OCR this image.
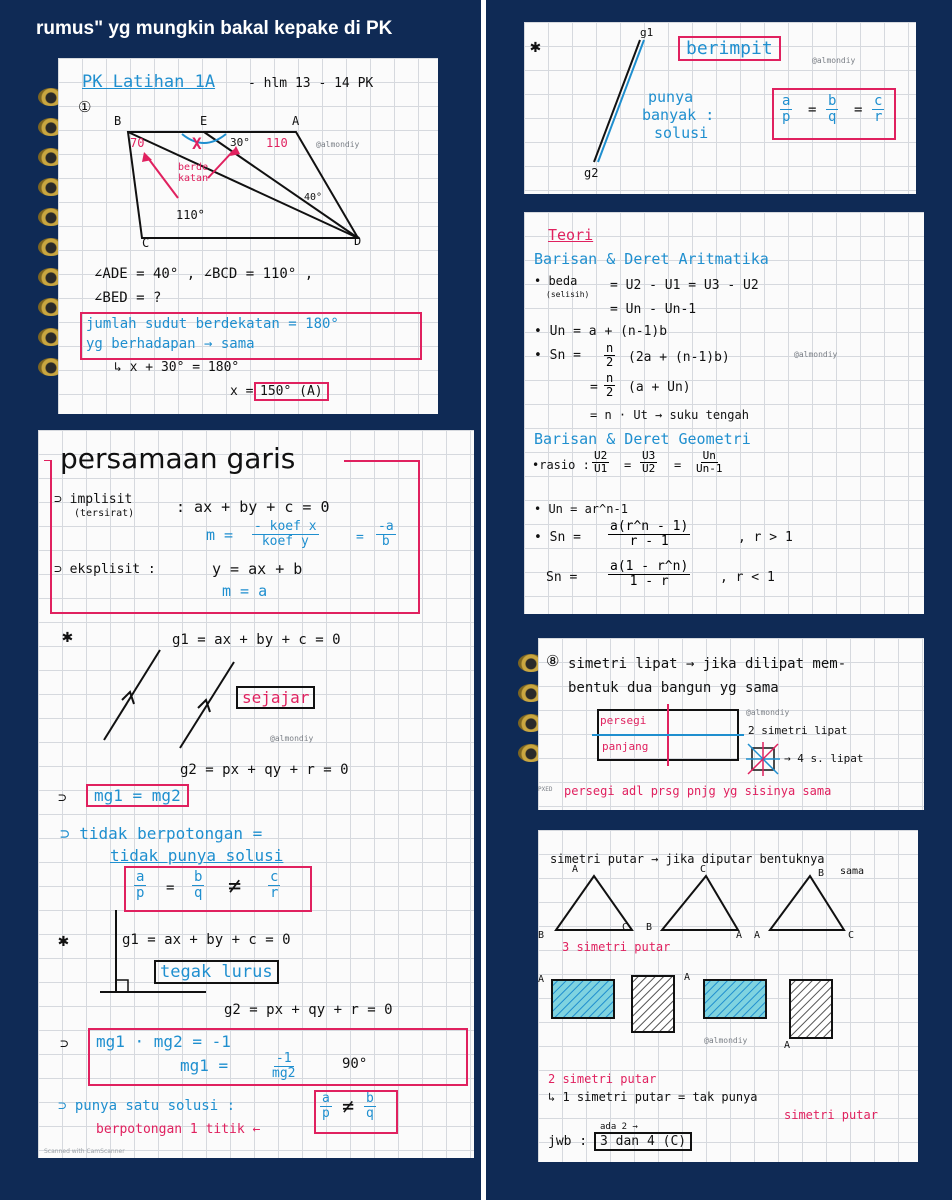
rumus" yg mungkin bakal kepake di PK
PK Latihan 1A	- hlm 13 - 14 PK
①
B	E	A
C	D
70	X	30° 110
40°
110°
berde
katan
@almondiy
∠ADE = 40° , ∠BCD = 110° ,
∠BED = ?
jumlah sudut berdekatan = 180°
yg berhadapan → sama
↳ x + 30° = 180°
x = 150° (A)
persamaan garis
⊃ implisit
(tersirat)	: ax + by + c = 0
m = - koef x
koef y	= $\frac{-a}{b}$
⊃ eksplisit :	y = ax + b
m = a
✱	g1 = ax + by + c = 0
sejajar
@almondiy
g2 = px + qy + r = 0
mg1 = mg2
⊃
⊃ tidak berpotongan =
tidak punya solusi
$\frac{a}{p} = \frac{b}{q} \ne \frac{c}{r}$
✱	g1 = ax + by + c = 0
tegak lurus
g2 = px + qy + r = 0
⊃ mg1 · mg2 = -1
mg1 =	$\frac{-1}{mg2}$	90°
⊃ punya satu solusi :	$\frac{a}{p} \ne \frac{b}{q}$
berpotongan 1 titik ←
Scanned with CamScanner
✱
g1
g2
berimpit
@almondiy
punya
banyak :
solusi
$\frac{a}{p} = \frac{b}{q} = \frac{c}{r}$
Teori
Barisan & Deret Aritmatika
• beda
(selisih)
= U2 - U1 = U3 - U2
= Un - Un-1
• Un = a + (n-1)b
• $Sn = \frac{n}{2} (2a + (n-1)b)$	@almondiy
= $\frac{n}{2} (a + Un)$
= n · Ut → suku tengah
Barisan & Deret Geometri
•rasio : $\frac{U2}{U1} = \frac{U3}{U2} = \frac{Un}{Un-1}$
• Un = ar^n-1
• $Sn = \frac{a(r\^{}n - 1)}{r - 1}$	, r > 1
$Sn = \frac{a(1 - r\^{}n)}{1 - r}$ , r < 1
⑧ simetri lipat → jika dilipat mem-
bentuk dua bangun yg sama
@almondiy
persegi
panjang
2 simetri lipat
→ 4 s. lipat
persegi adl prsg pnjg yg sisinya sama
PXED
simetri putar → jika diputar bentuknya
sama
A
B
C
C
B
A
B
A	C
3 simetri putar
A	A
A
@almondiy
2 simetri putar
↳ 1 simetri putar = tak punya
simetri putar
jwb :
ada 2 →
3 dan 4 (C)
